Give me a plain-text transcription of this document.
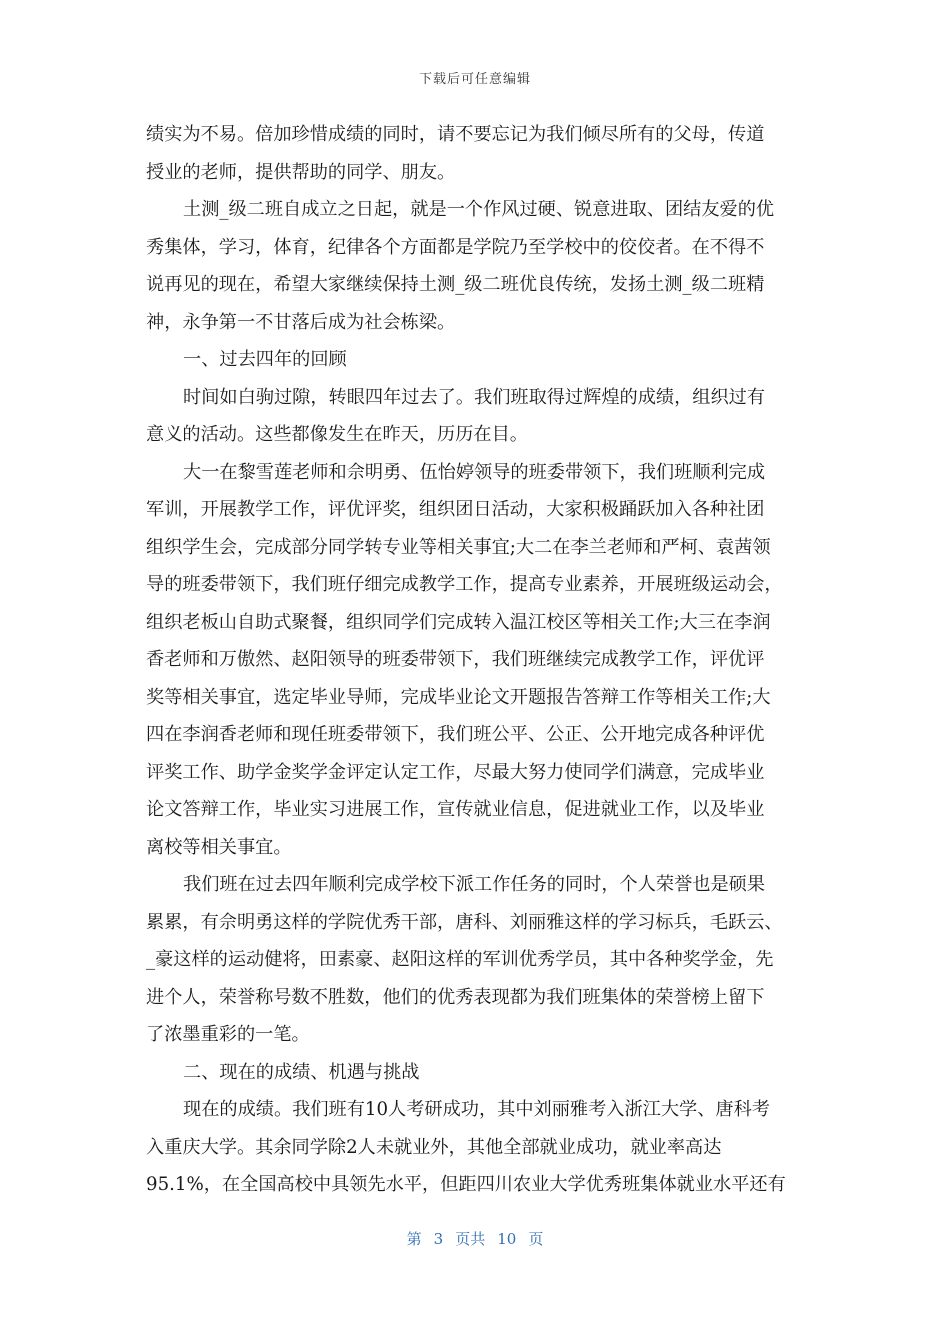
下载后可任意编辑
绩实为不易。倍加珍惜成绩的同时，请不要忘记为我们倾尽所有的父母，传道
授业的老师，提供帮助的同学、朋友。
土测_级二班自成立之日起，就是一个作风过硬、锐意进取、团结友爱的优
秀集体，学习，体育，纪律各个方面都是学院乃至学校中的佼佼者。在不得不
说再见的现在，希望大家继续保持土测_级二班优良传统，发扬土测_级二班精
神，永争第一不甘落后成为社会栋梁。
一、过去四年的回顾
时间如白驹过隙，转眼四年过去了。我们班取得过辉煌的成绩，组织过有
意义的活动。这些都像发生在昨天，历历在目。
大一在黎雪莲老师和佘明勇、伍怡婷领导的班委带领下，我们班顺利完成
军训，开展教学工作，评优评奖，组织团日活动，大家积极踊跃加入各种社团
组织学生会，完成部分同学转专业等相关事宜;大二在李兰老师和严柯、袁茜领
导的班委带领下，我们班仔细完成教学工作，提高专业素养，开展班级运动会，
组织老板山自助式聚餐，组织同学们完成转入温江校区等相关工作;大三在李润
香老师和万傲然、赵阳领导的班委带领下，我们班继续完成教学工作，评优评
奖等相关事宜，选定毕业导师，完成毕业论文开题报告答辩工作等相关工作;大
四在李润香老师和现任班委带领下，我们班公平、公正、公开地完成各种评优
评奖工作、助学金奖学金评定认定工作，尽最大努力使同学们满意，完成毕业
论文答辩工作，毕业实习进展工作，宣传就业信息，促进就业工作，以及毕业
离校等相关事宜。
我们班在过去四年顺利完成学校下派工作任务的同时，个人荣誉也是硕果
累累，有佘明勇这样的学院优秀干部，唐科、刘丽雅这样的学习标兵，毛跃云、
_豪这样的运动健将，田素豪、赵阳这样的军训优秀学员，其中各种奖学金，先
进个人，荣誉称号数不胜数，他们的优秀表现都为我们班集体的荣誉榜上留下
了浓墨重彩的一笔。
二、现在的成绩、机遇与挑战
现在的成绩。我们班有10人考研成功，其中刘丽雅考入浙江大学、唐科考
入重庆大学。其余同学除2人未就业外，其他全部就业成功，就业率高达
95.1%，在全国高校中具领先水平，但距四川农业大学优秀班集体就业水平还有
第 3 页共 10 页
